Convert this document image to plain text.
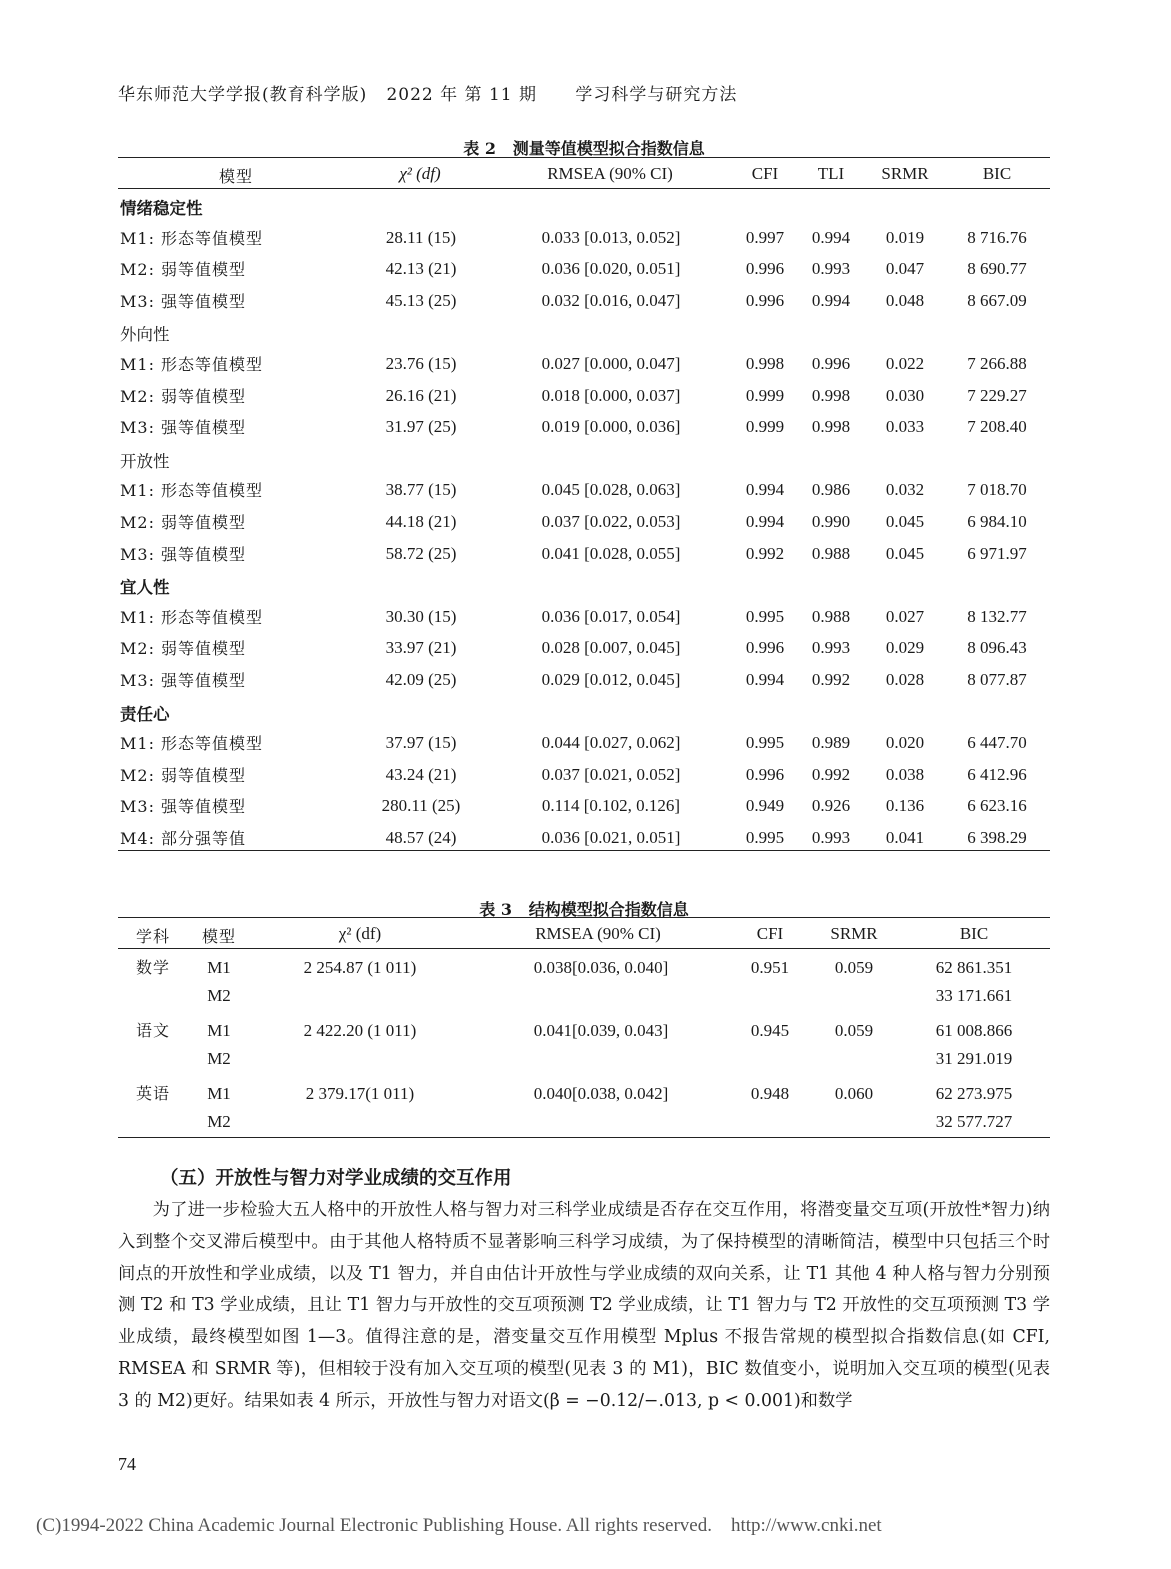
华东师范大学学报(教育科学版)   2022 年 第 11 期      学习科学与研究方法
表 2   测量等值模型拟合指数信息
模型	χ² (df)	RMSEA (90% CI)	CFI TLI SRMR	BIC
情绪稳定性
M1: 形态等值模型	28.11 (15)	0.033 [0.013, 0.052]	0.997 0.994 0.019	8 716.76
M2: 弱等值模型	42.13 (21)	0.036 [0.020, 0.051]	0.996 0.993 0.047	8 690.77
M3: 强等值模型	45.13 (25)	0.032 [0.016, 0.047]	0.996 0.994 0.048	8 667.09
外向性
M1: 形态等值模型	23.76 (15)	0.027 [0.000, 0.047]	0.998 0.996 0.022	7 266.88
M2: 弱等值模型	26.16 (21)	0.018 [0.000, 0.037]	0.999 0.998 0.030	7 229.27
M3: 强等值模型	31.97 (25)	0.019 [0.000, 0.036]	0.999 0.998 0.033	7 208.40
开放性
M1: 形态等值模型	38.77 (15)	0.045 [0.028, 0.063]	0.994 0.986 0.032	7 018.70
M2: 弱等值模型	44.18 (21)	0.037 [0.022, 0.053]	0.994 0.990 0.045	6 984.10
M3: 强等值模型	58.72 (25)	0.041 [0.028, 0.055]	0.992 0.988 0.045	6 971.97
宜人性
M1: 形态等值模型	30.30 (15)	0.036 [0.017, 0.054]	0.995 0.988 0.027	8 132.77
M2: 弱等值模型	33.97 (21)	0.028 [0.007, 0.045]	0.996 0.993 0.029	8 096.43
M3: 强等值模型	42.09 (25)	0.029 [0.012, 0.045]	0.994 0.992 0.028	8 077.87
责任心
M1: 形态等值模型	37.97 (15)	0.044 [0.027, 0.062]	0.995 0.989 0.020	6 447.70
M2: 弱等值模型	43.24 (21)	0.037 [0.021, 0.052]	0.996 0.992 0.038	6 412.96
M3: 强等值模型	280.11 (25)	0.114 [0.102, 0.126]	0.949 0.926 0.136	6 623.16
M4: 部分强等值	48.57 (24)	0.036 [0.021, 0.051]	0.995 0.993 0.041	6 398.29
表 3   结构模型拟合指数信息
学科 模型	χ² (df)	RMSEA (90% CI)	CFI	SRMR	BIC
数学 M1	2 254.87 (1 011)	0.038[0.036, 0.040]	0.951	0.059	62 861.351
M2	33 171.661
语文 M1	2 422.20 (1 011)	0.041[0.039, 0.043]	0.945	0.059	61 008.866
M2	31 291.019
英语 M1	2 379.17(1 011)	0.040[0.038, 0.042]	0.948	0.060	62 273.975
M2	32 577.727
（五）开放性与智力对学业成绩的交互作用

为了进一步检验大五人格中的开放性人格与智力对三科学业成绩是否存在交互作用，将潜变量交互项(开放性*智力)纳入到整个交叉滞后模型中。由于其他人格特质不显著影响三科学习成绩，为了保持模型的清晰简洁，模型中只包括三个时间点的开放性和学业成绩，以及 T1 智力，并自由估计开放性与学业成绩的双向关系，让 T1 其他 4 种人格与智力分别预测 T2 和 T3 学业成绩，且让 T1 智力与开放性的交互项预测 T2 学业成绩，让 T1 智力与 T2 开放性的交互项预测 T3 学业成绩，最终模型如图 1—3。值得注意的是，潜变量交互作用模型 Mplus 不报告常规的模型拟合指数信息(如 CFI, RMSEA 和 SRMR 等)，但相较于没有加入交互项的模型(见表 3 的 M1)，BIC 数值变小，说明加入交互项的模型(见表 3 的 M2)更好。结果如表 4 所示，开放性与智力对语文(β = −0.12/−.013, p < 0.001)和数学

74
(C)1994-2022 China Academic Journal Electronic Publishing House. All rights reserved.    http://www.cnki.net
